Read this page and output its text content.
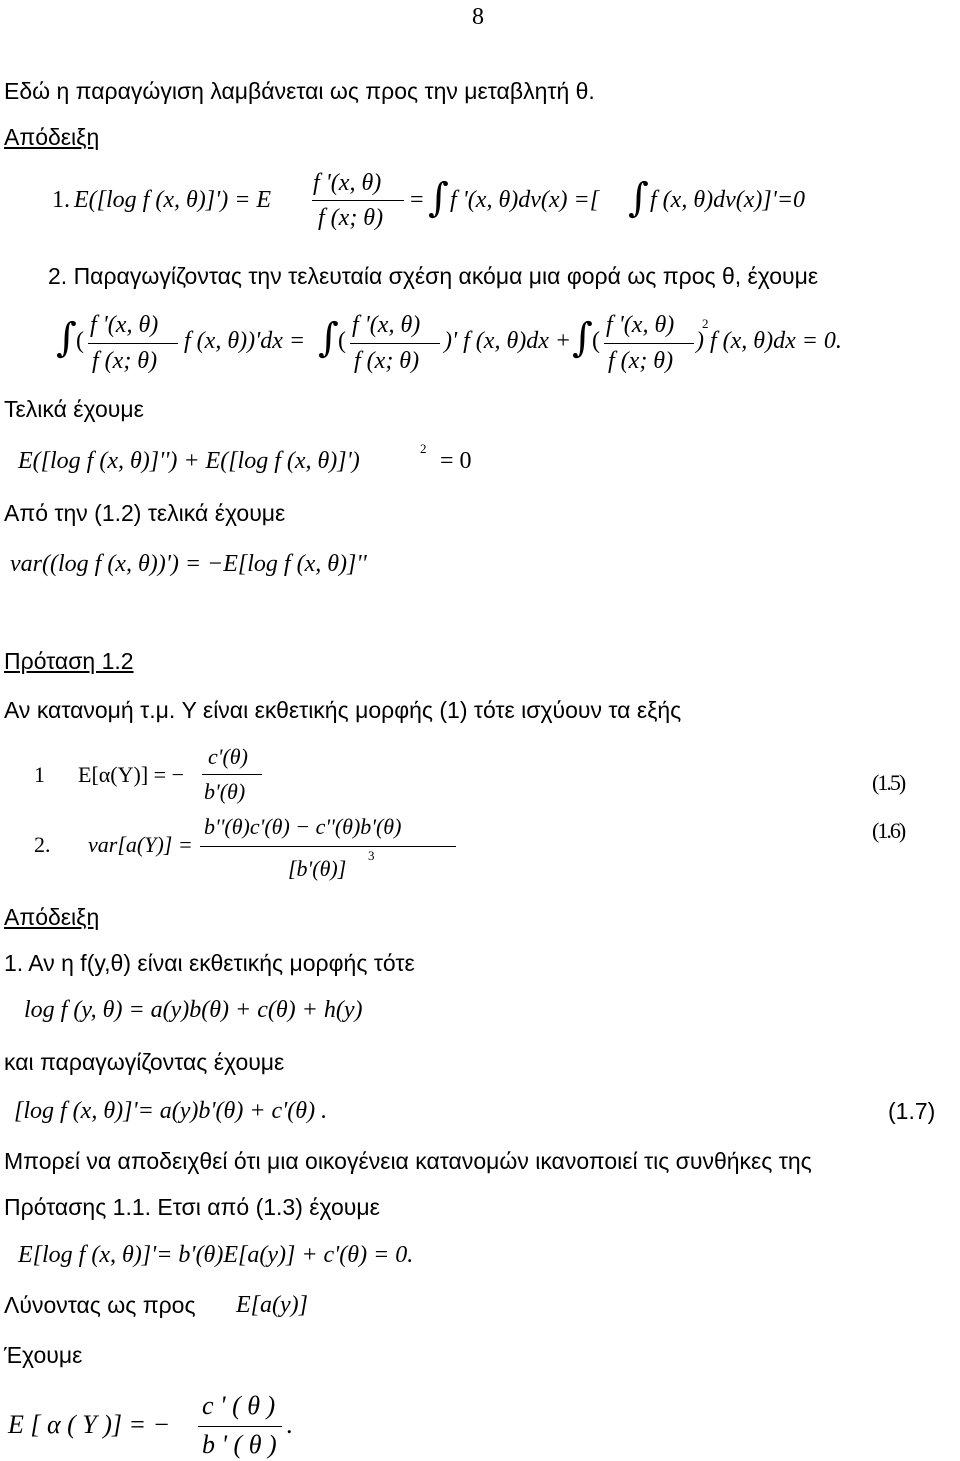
8
Εδώ η παραγώγιση λαμβάνεται ως προς την μεταβλητή θ.
Απόδειξη
1. E([log f (x, θ)]') = E
f '(x, θ)
f (x; θ)
= ∫ f '(x, θ)dv(x) =[ ∫ f (x, θ)dv(x)]'=0
2. Παραγωγίζοντας την τελευταία σχέση ακόμα μια φορά ως προς θ, έχουμε
∫ (
f '(x, θ)
f (x; θ)
f (x, θ))'dx = ∫ (
f '(x, θ)
f (x; θ)
)' f (x, θ)dx + ∫ (
f '(x, θ)
f (x; θ)
) f (x, θ)dx = 0.
2
Τελικά έχουμε
E([log f (x, θ)]'') + E([log f (x, θ)]')	2 = 0
Από την (1.2) τελικά έχουμε
var((log f (x, θ))') = −E[log f (x, θ)]''
Πρόταση 1.2
Αν κατανομή τ.μ. Y είναι εκθετικής μορφής (1) τότε ισχύουν τα εξής
1 E[α(Y)] = −
c'(θ)
b'(θ)	(1.5)
2. var[a(Y)] =
b''(θ)c'(θ) − c''(θ)b'(θ)
[b'(θ)]
3
(1.6)
Απόδειξη
1. Αν η f(y,θ) είναι εκθετικής μορφής τότε
log f (y, θ) = a(y)b(θ) + c(θ) + h(y)
και παραγωγίζοντας έχουμε
[log f (x, θ)]'= a(y)b'(θ) + c'(θ) .	(1.7)
Μπορεί να αποδειχθεί ότι μια οικογένεια κατανομών ικανοποιεί τις συνθήκες της
Πρότασης 1.1. Ετσι από (1.3) έχουμε
E[log f (x, θ)]'= b'(θ)E[a(y)] + c'(θ) = 0.
Λύνοντας ως προς E[a(y)]
Έχουμε
E [ α ( Y )] = −
c ' ( θ )
b ' ( θ )
.
